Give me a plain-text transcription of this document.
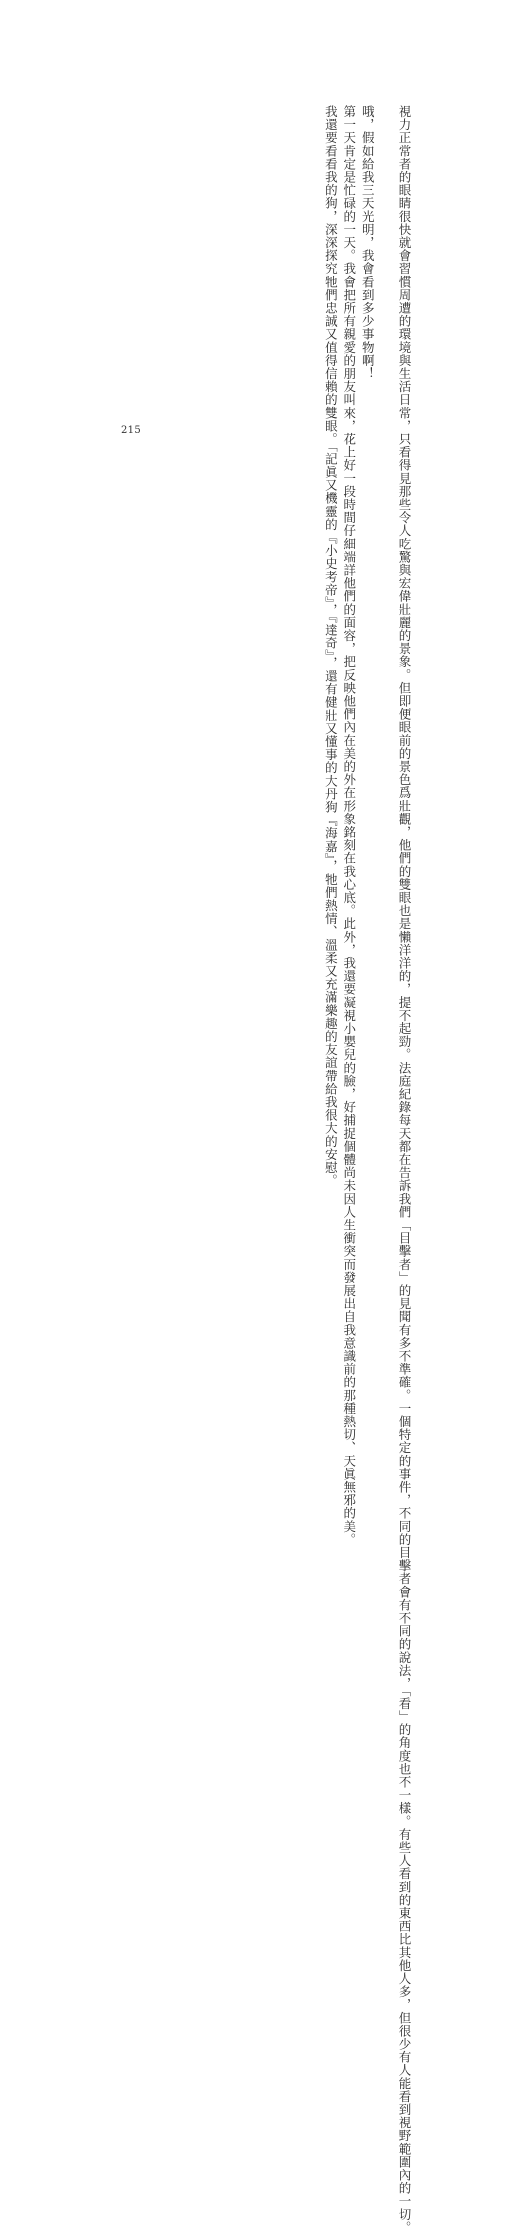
視力正常者的眼睛很快就會習慣周遭的環境與生活日常，只看得見那些令人吃驚與宏偉壯麗的景象。但即便眼前的景色爲壯觀，他們的雙眼也是懶洋洋的，提不起勁。法庭紀錄每天都在告訴我們「目擊者」的見聞有多不準確。一個特定的事件，不同的目擊者會有不同的說法，「看」的角度也不一樣。有些人看到的東西比其他人多，但很少有人能看到視野範圍內的一切。

哦，假如給我三天光明，我會看到多少事物啊！

第一天肯定是忙碌的一天。我會把所有親愛的朋友叫來，花上好一段時間仔細端詳他們的面容，把反映他們內在美的外在形象銘刻在我心底。此外，我還要凝視小嬰兒的臉，好捕捉個體尚未因人生衝突而發展出自我意識前的那種熱切、天眞無邪的美。

我還要看看我的狗，深深探究牠們忠誠又值得信賴的雙眼。「記眞又機靈的『小史考帝』，『達奇』，還有健壯又懂事的大丹狗『海嘉』，牠們熱情、溫柔又充滿樂趣的友誼帶給我很大的安慰。

215
